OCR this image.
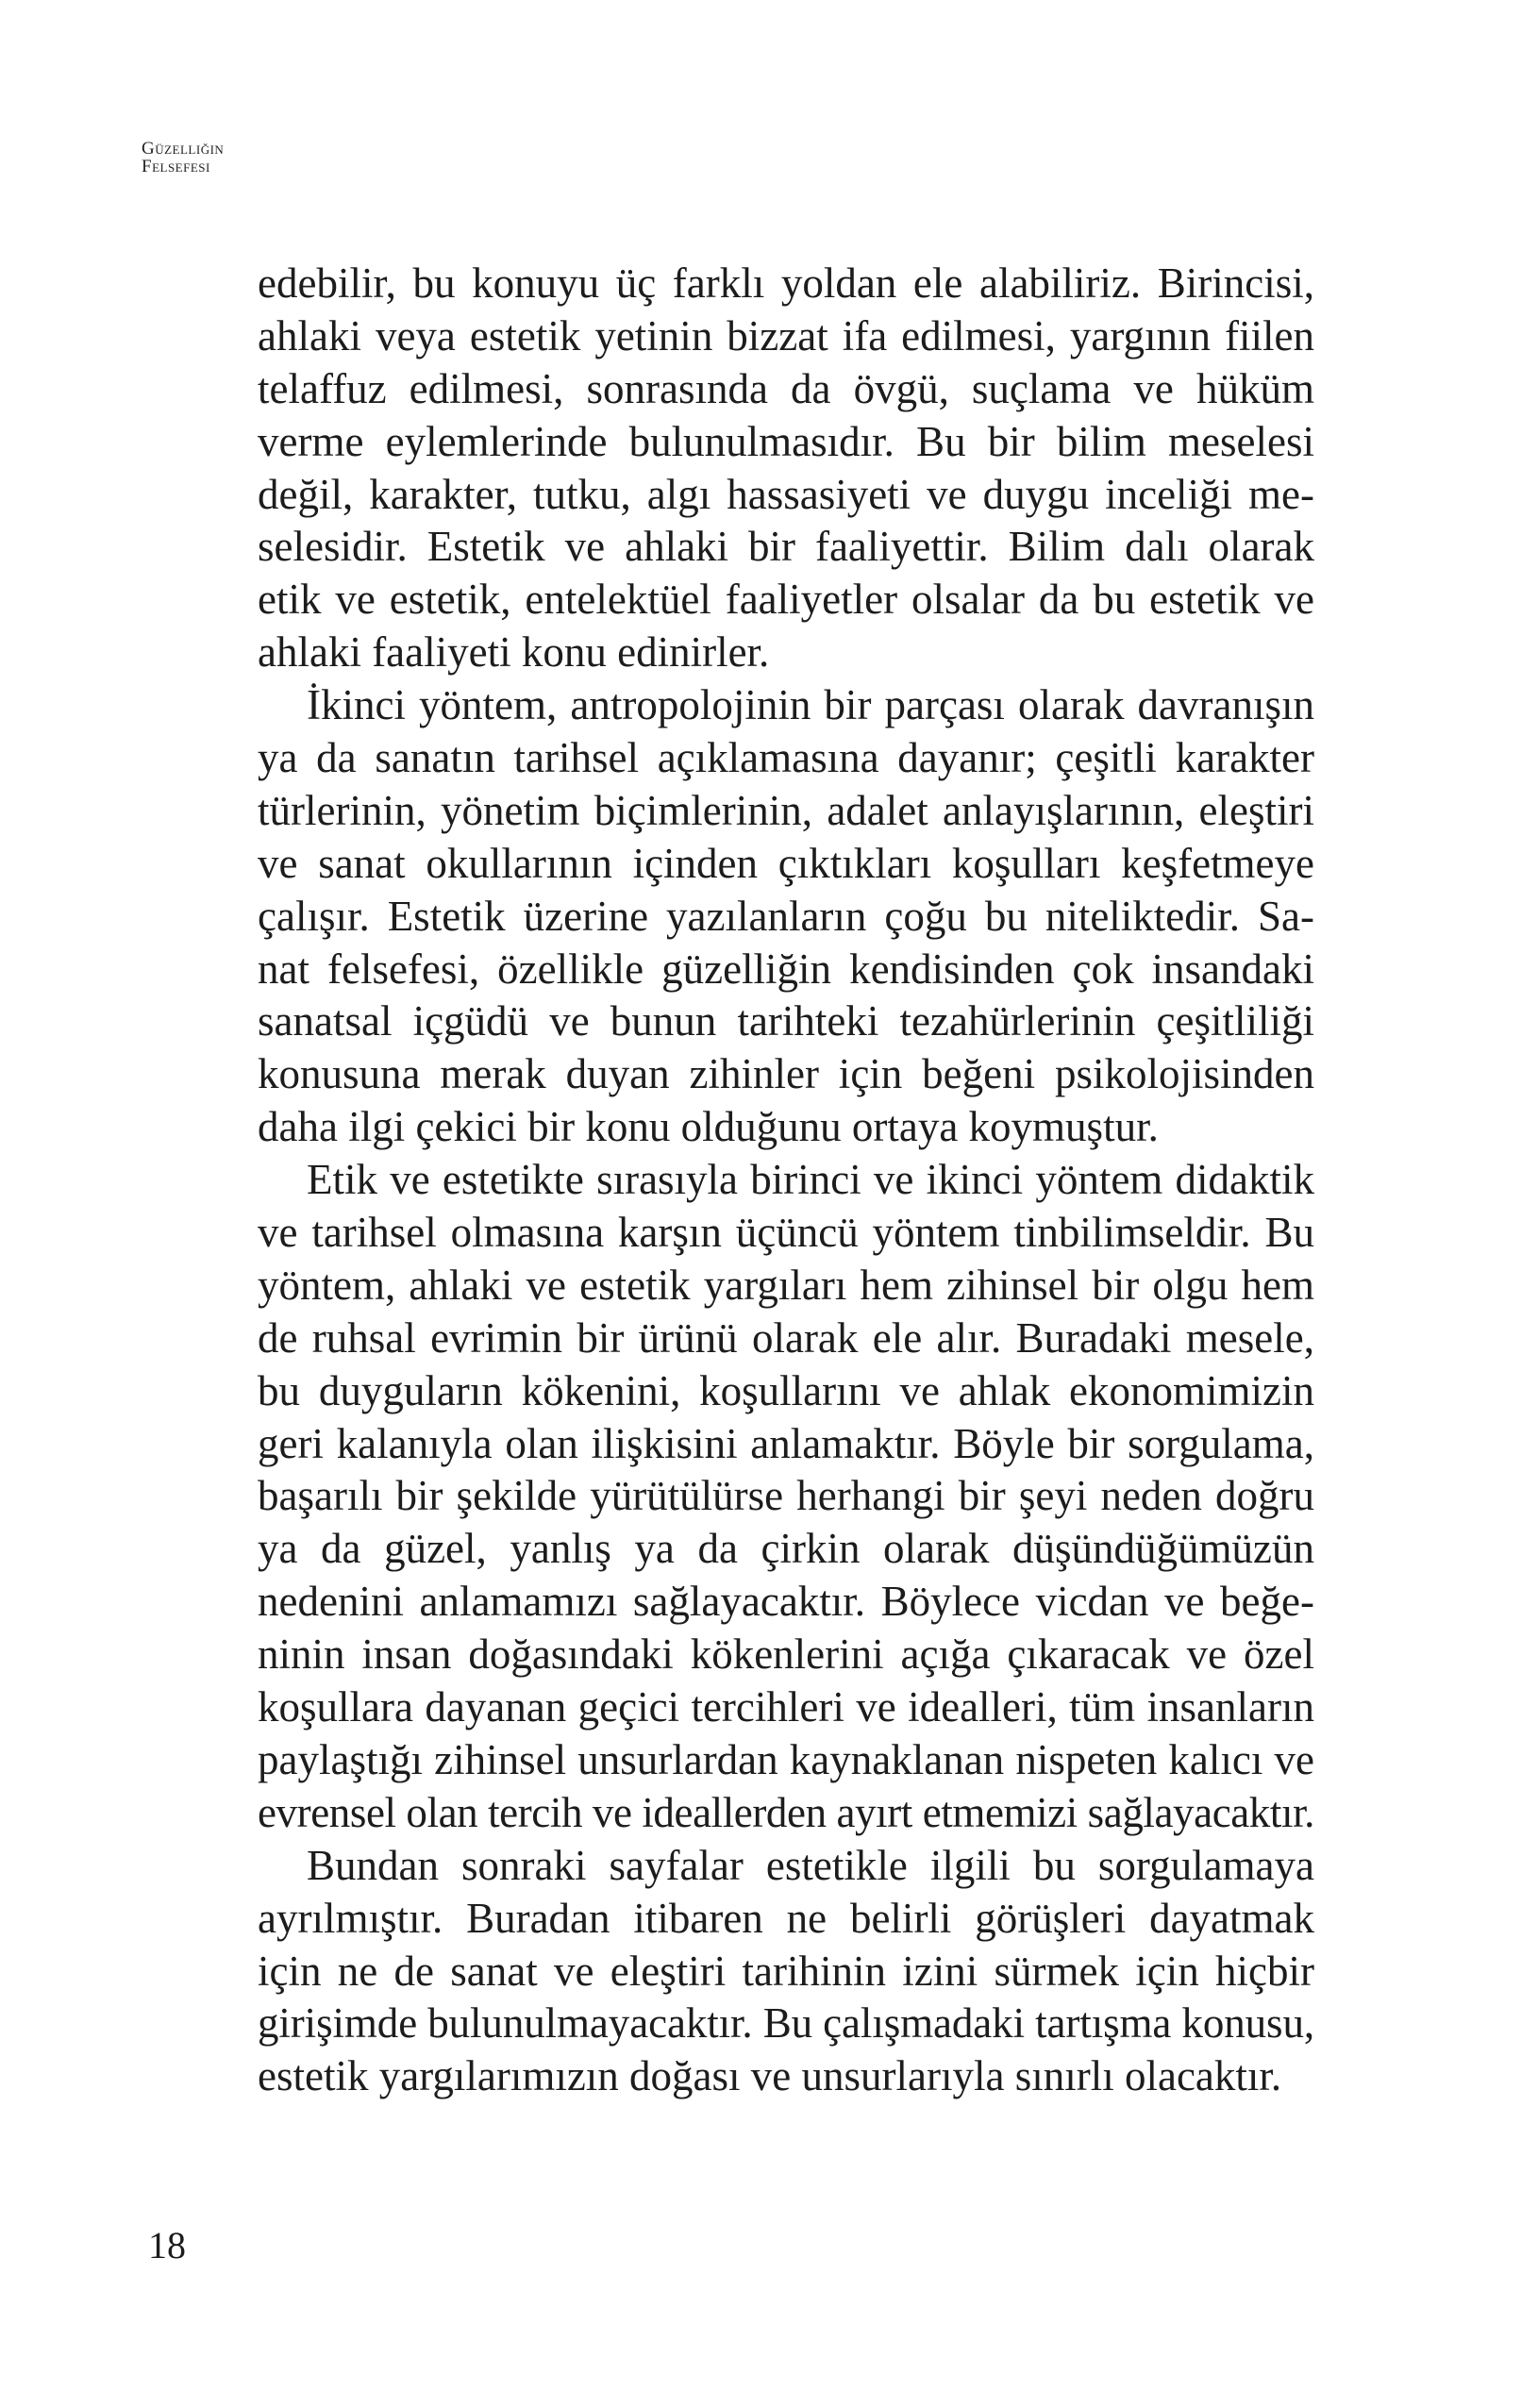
Güzelliğin
Felsefesi
edebilir, bu konuyu üç farklı yoldan ele alabiliriz. Birincisi,
ahlaki veya estetik yetinin bizzat ifa edilmesi, yargının fiilen
telaffuz edilmesi, sonrasında da övgü, suçlama ve hüküm
verme eylemlerinde bulunulmasıdır. Bu bir bilim meselesi
değil, karakter, tutku, algı hassasiyeti ve duygu inceliği me-
selesidir. Estetik ve ahlaki bir faaliyettir. Bilim dalı olarak
etik ve estetik, entelektüel faaliyetler olsalar da bu estetik ve
ahlaki faaliyeti konu edinirler.
İkinci yöntem, antropolojinin bir parçası olarak davranışın
ya da sanatın tarihsel açıklamasına dayanır; çeşitli karakter
türlerinin, yönetim biçimlerinin, adalet anlayışlarının, eleştiri
ve sanat okullarının içinden çıktıkları koşulları keşfetmeye
çalışır. Estetik üzerine yazılanların çoğu bu niteliktedir. Sa-
nat felsefesi, özellikle güzelliğin kendisinden çok insandaki
sanatsal içgüdü ve bunun tarihteki tezahürlerinin çeşitliliği
konusuna merak duyan zihinler için beğeni psikolojisinden
daha ilgi çekici bir konu olduğunu ortaya koymuştur.
Etik ve estetikte sırasıyla birinci ve ikinci yöntem didaktik
ve tarihsel olmasına karşın üçüncü yöntem tinbilimseldir. Bu
yöntem, ahlaki ve estetik yargıları hem zihinsel bir olgu hem
de ruhsal evrimin bir ürünü olarak ele alır. Buradaki mesele,
bu duyguların kökenini, koşullarını ve ahlak ekonomimizin
geri kalanıyla olan ilişkisini anlamaktır. Böyle bir sorgulama,
başarılı bir şekilde yürütülürse herhangi bir şeyi neden doğru
ya da güzel, yanlış ya da çirkin olarak düşündüğümüzün
nedenini anlamamızı sağlayacaktır. Böylece vicdan ve beğe-
ninin insan doğasındaki kökenlerini açığa çıkaracak ve özel
koşullara dayanan geçici tercihleri ve idealleri, tüm insanların
paylaştığı zihinsel unsurlardan kaynaklanan nispeten kalıcı ve
evrensel olan tercih ve ideallerden ayırt etmemizi sağlayacaktır.
Bundan sonraki sayfalar estetikle ilgili bu sorgulamaya
ayrılmıştır. Buradan itibaren ne belirli görüşleri dayatmak
için ne de sanat ve eleştiri tarihinin izini sürmek için hiçbir
girişimde bulunulmayacaktır. Bu çalışmadaki tartışma konusu,
estetik yargılarımızın doğası ve unsurlarıyla sınırlı olacaktır.
18
